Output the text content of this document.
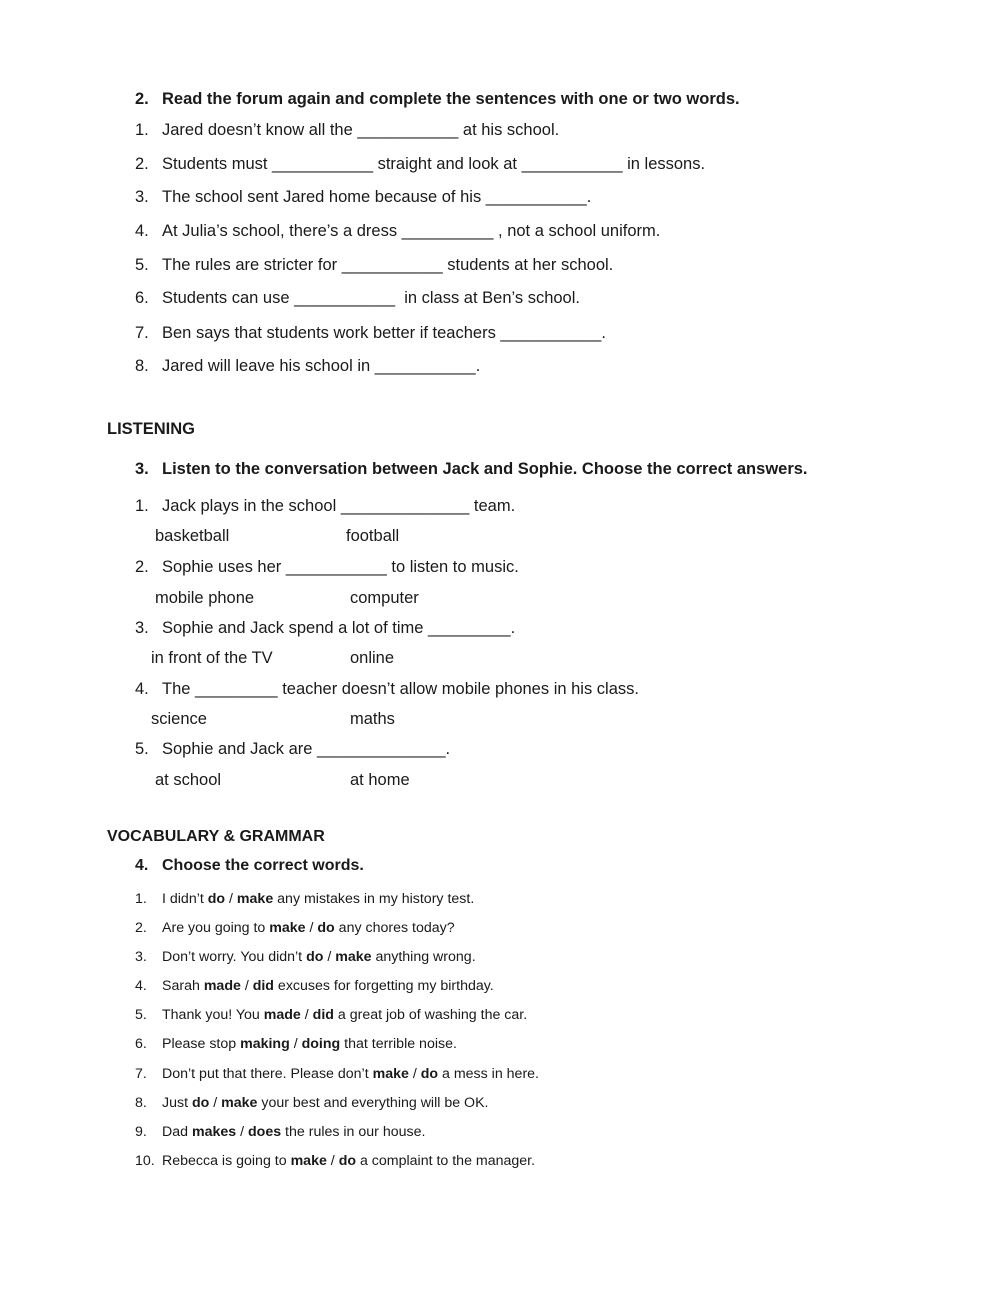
2. Read the forum again and complete the sentences with one or two words.
1. Jared doesn’t know all the ___________ at his school.
2. Students must ___________ straight and look at ___________ in lessons.
3. The school sent Jared home because of his ___________.
4. At Julia’s school, there’s a dress __________ , not a school uniform.
5. The rules are stricter for ___________ students at her school.
6. Students can use ___________  in class at Ben’s school.
7. Ben says that students work better if teachers ___________.
8. Jared will leave his school in ___________.
LISTENING
3. Listen to the conversation between Jack and Sophie. Choose the correct answers.
1. Jack plays in the school ______________ team.
basketball	football
2. Sophie uses her ___________ to listen to music.
mobile phone	computer
3. Sophie and Jack spend a lot of time _________.
in front of the TV	online
4. The _________ teacher doesn’t allow mobile phones in his class.
science	maths
5. Sophie and Jack are ______________.
at school	at home
VOCABULARY & GRAMMAR
4. Choose the correct words.
1. I didn’t do / make any mistakes in my history test.
2. Are you going to make / do any chores today?
3. Don’t worry. You didn’t do / make anything wrong.
4. Sarah made / did excuses for forgetting my birthday.
5. Thank you! You made / did a great job of washing the car.
6. Please stop making / doing that terrible noise.
7. Don’t put that there. Please don’t make / do a mess in here.
8. Just do / make your best and everything will be OK.
9. Dad makes / does the rules in our house.
10. Rebecca is going to make / do a complaint to the manager.
